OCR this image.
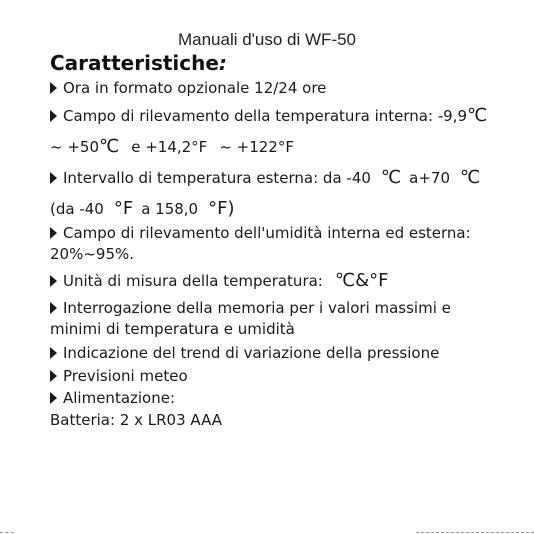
Manuali d'uso di WF-50
Caratteristiche:
Ora in formato opzionale 12/24 ore
Campo di rilevamento della temperatura interna: -9,9℃
~ +50℃ e +14,2°F ~ +122°F
Intervallo di temperatura esterna: da -40 ℃ a+70 ℃
(da -40 °F a 158,0 °F)
Campo di rilevamento dell'umidità interna ed esterna:
20%~95%.
Unità di misura della temperatura: ℃&°F
Interrogazione della memoria per i valori massimi e
minimi di temperatura e umidità
Indicazione del trend di variazione della pressione
Previsioni meteo
Alimentazione:
Batteria: 2 x LR03 AAA
